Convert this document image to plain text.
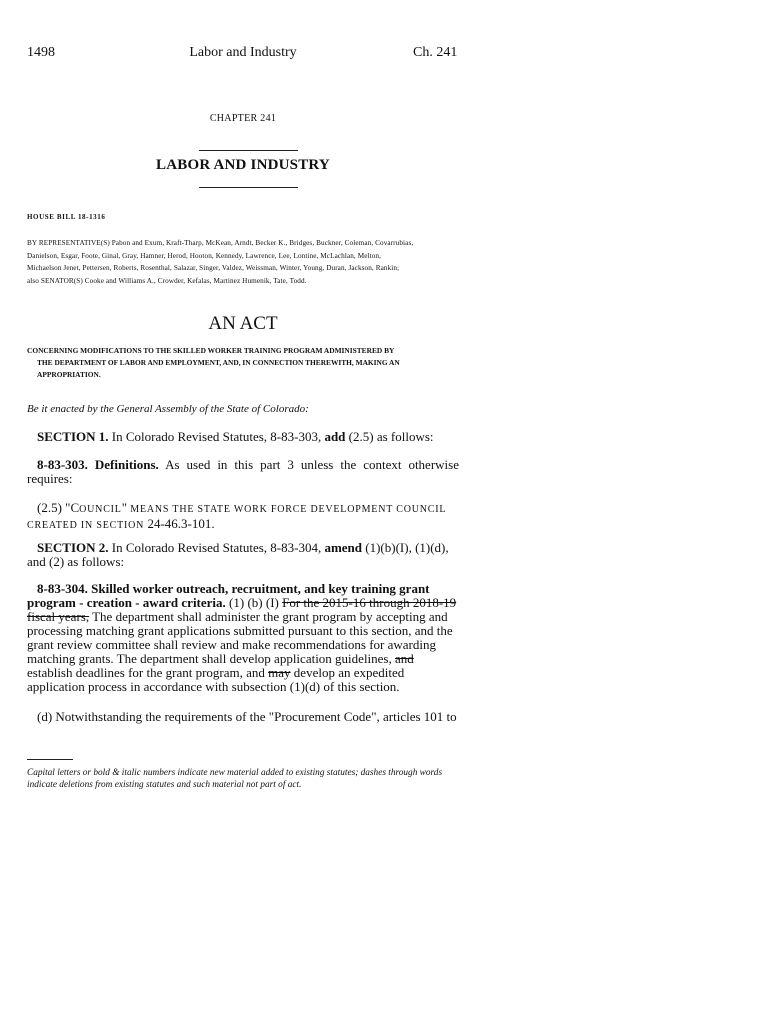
1498	Labor and Industry	Ch. 241
CHAPTER 241
LABOR AND INDUSTRY
HOUSE BILL 18-1316
BY REPRESENTATIVE(S) Pabon and Exum, Kraft-Tharp, McKean, Arndt, Becker K., Bridges, Buckner, Coleman, Covarrubias,
Danielson, Esgar, Foote, Ginal, Gray, Hamner, Herod, Hooton, Kennedy, Lawrence, Lee, Lontine, McLachlan, Melton,
Michaelson Jenet, Pettersen, Roberts, Rosenthal, Salazar, Singer, Valdez, Weissman, Winter, Young, Duran, Jackson, Rankin;
also SENATOR(S) Cooke and Williams A., Crowder, Kefalas, Martinez Humenik, Tate, Todd.
AN ACT
CONCERNING MODIFICATIONS TO THE SKILLED WORKER TRAINING PROGRAM ADMINISTERED BY
THE DEPARTMENT OF LABOR AND EMPLOYMENT, AND, IN CONNECTION THEREWITH, MAKING AN
APPROPRIATION.
Be it enacted by the General Assembly of the State of Colorado:
SECTION 1. In Colorado Revised Statutes, 8-83-303, add (2.5) as follows:
8-83-303. Definitions. As used in this part 3 unless the context otherwise requires:
(2.5) "COUNCIL" MEANS THE STATE WORK FORCE DEVELOPMENT COUNCIL CREATED IN SECTION 24-46.3-101.
SECTION 2. In Colorado Revised Statutes, 8-83-304, amend (1)(b)(I), (1)(d), and (2) as follows:
8-83-304. Skilled worker outreach, recruitment, and key training grant program - creation - award criteria. (1) (b) (I) For the 2015-16 through 2018-19 fiscal years, The department shall administer the grant program by accepting and processing matching grant applications submitted pursuant to this section, and the grant review committee shall review and make recommendations for awarding matching grants. The department shall develop application guidelines, and establish deadlines for the grant program, and may develop an expedited application process in accordance with subsection (1)(d) of this section.
(d) Notwithstanding the requirements of the "Procurement Code", articles 101 to
Capital letters or bold & italic numbers indicate new material added to existing statutes; dashes through words indicate deletions from existing statutes and such material not part of act.
